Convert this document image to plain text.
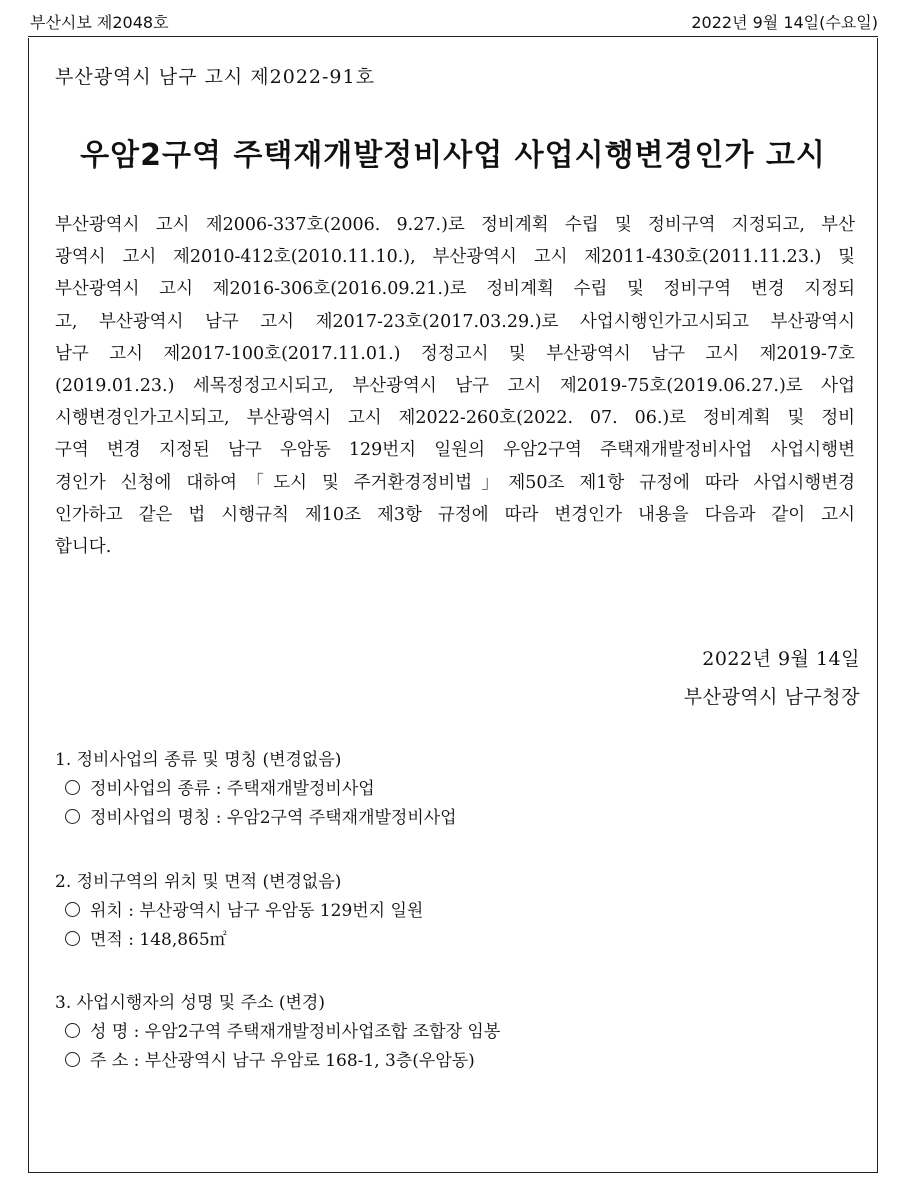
부산시보 제2048호	2022년 9월 14일(수요일)
부산광역시 남구 고시 제2022-91호
우암2구역 주택재개발정비사업 사업시행변경인가 고시
부산광역시 고시 제2006-337호(2006. 9.27.)로 정비계획 수립 및 정비구역 지정되고, 부산
광역시 고시 제2010-412호(2010.11.10.), 부산광역시 고시 제2011-430호(2011.11.23.) 및
부산광역시 고시 제2016-306호(2016.09.21.)로 정비계획 수립 및 정비구역 변경 지정되
고, 부산광역시 남구 고시 제2017-23호(2017.03.29.)로 사업시행인가고시되고 부산광역시
남구 고시 제2017-100호(2017.11.01.) 정정고시 및 부산광역시 남구 고시 제2019-7호
(2019.01.23.) 세목정정고시되고, 부산광역시 남구 고시 제2019-75호(2019.06.27.)로 사업
시행변경인가고시되고, 부산광역시 고시 제2022-260호(2022. 07. 06.)로 정비계획 및 정비
구역 변경 지정된 남구 우암동 129번지 일원의 우암2구역 주택재개발정비사업 사업시행변
경인가 신청에 대하여「도시 및 주거환경정비법」제50조 제1항 규정에 따라 사업시행변경
인가하고 같은 법 시행규칙 제10조 제3항 규정에 따라 변경인가 내용을 다음과 같이 고시
합니다.
2022년 9월 14일
부산광역시 남구청장
1. 정비사업의 종류 및 명칭 (변경없음)
정비사업의 종류 : 주택재개발정비사업
정비사업의 명칭 : 우암2구역 주택재개발정비사업
2. 정비구역의 위치 및 면적 (변경없음)
위치 : 부산광역시 남구 우암동 129번지 일원
면적 : 148,865㎡
3. 사업시행자의 성명 및 주소 (변경)
성 명 : 우암2구역 주택재개발정비사업조합 조합장 임봉
주 소 : 부산광역시 남구 우암로 168-1, 3층(우암동)
